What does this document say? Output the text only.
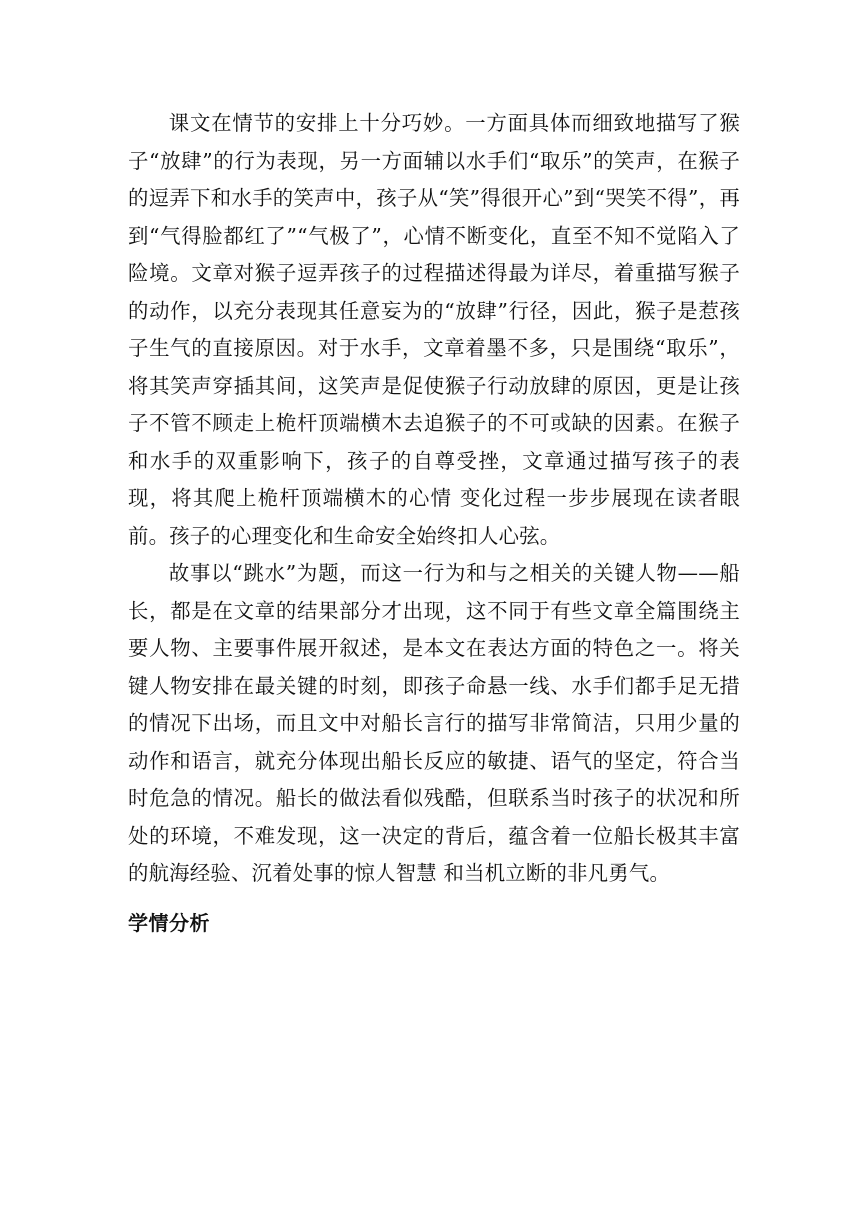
课文在情节的安排上十分巧妙。一方面具体而细致地描写了猴子“放肆”的行为表现，另一方面辅以水手们“取乐”的笑声，在猴子的逗弄下和水手的笑声中，孩子从“笑”得很开心”到“哭笑不得”，再到“气得脸都红了”“气极了”，心情不断变化，直至不知不觉陷入了险境。文章对猴子逗弄孩子的过程描述得最为详尽，着重描写猴子的动作，以充分表现其任意妄为的“放肆”行径，因此，猴子是惹孩子生气的直接原因。对于水手，文章着墨不多，只是围绕“取乐”，将其笑声穿插其间，这笑声是促使猴子行动放肆的原因，更是让孩子不管不顾走上桅杆顶端横木去追猴子的不可或缺的因素。在猴子和水手的双重影响下，孩子的自尊受挫，文章通过描写孩子的表现，将其爬上桅杆顶端横木的心情 变化过程一步步展现在读者眼前。孩子的心理变化和生命安全始终扣人心弦。

故事以“跳水”为题，而这一行为和与之相关的关键人物——船长，都是在文章的结果部分才出现，这不同于有些文章全篇围绕主要人物、主要事件展开叙述，是本文在表达方面的特色之一。将关键人物安排在最关键的时刻，即孩子命悬一线、水手们都手足无措的情况下出场，而且文中对船长言行的描写非常简洁，只用少量的动作和语言，就充分体现出船长反应的敏捷、语气的坚定，符合当时危急的情况。船长的做法看似残酷，但联系当时孩子的状况和所处的环境，不难发现，这一决定的背后，蕴含着一位船长极其丰富的航海经验、沉着处事的惊人智慧 和当机立断的非凡勇气。

学情分析
